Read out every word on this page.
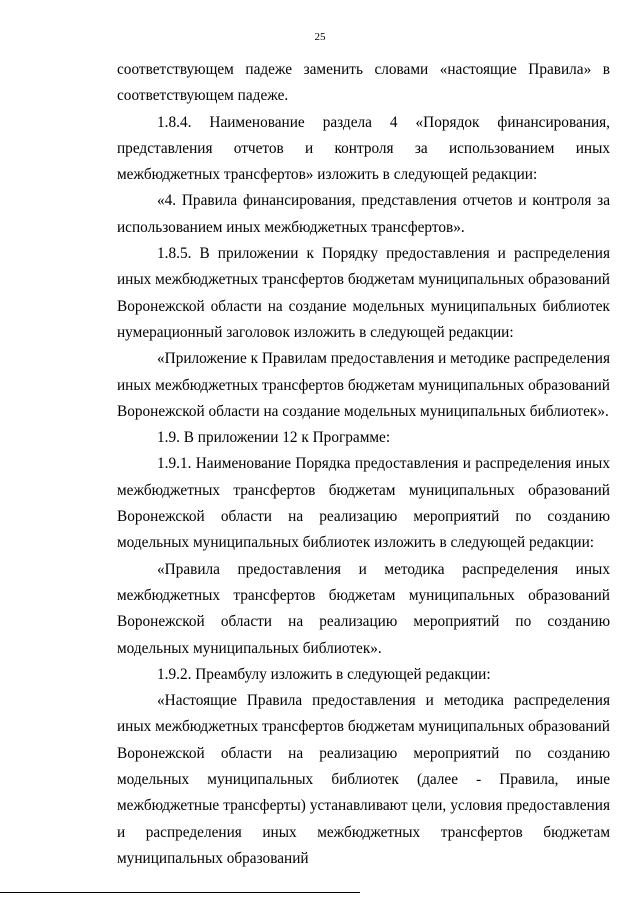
25

соответствующем падеже заменить словами «настоящие Правила» в соответствующем падеже.

1.8.4. Наименование раздела 4 «Порядок финансирования, представления отчетов и контроля за использованием иных межбюджетных трансфертов» изложить в следующей редакции:

«4. Правила финансирования, представления отчетов и контроля за использованием иных межбюджетных трансфертов».

1.8.5. В приложении к Порядку предоставления и распределения иных межбюджетных трансфертов бюджетам муниципальных образований Воронежской области на создание модельных муниципальных библиотек нумерационный заголовок изложить в следующей редакции:

«Приложение к Правилам предоставления и методике распределения иных межбюджетных трансфертов бюджетам муниципальных образований Воронежской области на создание модельных муниципальных библиотек».

1.9. В приложении 12 к Программе:

1.9.1. Наименование Порядка предоставления и распределения иных межбюджетных трансфертов бюджетам муниципальных образований Воронежской области на реализацию мероприятий по созданию модельных муниципальных библиотек изложить в следующей редакции:

«Правила предоставления и методика распределения иных межбюджетных трансфертов бюджетам муниципальных образований Воронежской области на реализацию мероприятий по созданию модельных муниципальных библиотек».

1.9.2. Преамбулу изложить в следующей редакции:

«Настоящие Правила предоставления и методика распределения иных межбюджетных трансфертов бюджетам муниципальных образований Воронежской области на реализацию мероприятий по созданию модельных муниципальных библиотек (далее - Правила, иные межбюджетные трансферты) устанавливают цели, условия предоставления и распределения иных межбюджетных трансфертов бюджетам муниципальных образований
